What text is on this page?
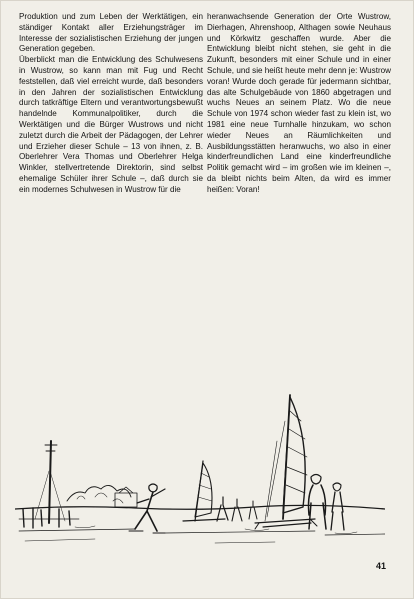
Produktion und zum Leben der Werktätigen, ein ständiger Kontakt aller Erziehungsträger im Interesse der sozialistischen Erziehung der jungen Generation gegeben.

Überblickt man die Entwicklung des Schulwesens in Wustrow, so kann man mit Fug und Recht feststellen, daß viel erreicht wurde, daß besonders in den Jahren der sozialistischen Entwicklung durch tatkräftige Eltern und verantwortungsbewußt handelnde Kommunalpolitiker, durch die Werktätigen und die Bürger Wustrows und nicht zuletzt durch die Arbeit der Pädagogen, der Lehrer und Erzieher dieser Schule – 13 von ihnen, z. B. Oberlehrer Vera Thomas und Oberlehrer Helga Winkler, stellvertretende Direktorin, sind selbst ehemalige Schüler ihrer Schule –, daß durch sie ein modernes Schulwesen in Wustrow für die

heranwachsende Generation der Orte Wustrow, Dierhagen, Ahrenshoop, Althagen sowie Neuhaus und Körkwitz geschaffen wurde. Aber die Entwicklung bleibt nicht stehen, sie geht in die Zukunft, besonders mit einer Schule und in einer Schule, und sie heißt heute mehr denn je: Wustrow voran! Wurde doch gerade für jedermann sichtbar, das alte Schulgebäude von 1860 abgetragen und wuchs Neues an seinem Platz. Wo die neue Schule von 1974 schon wieder fast zu klein ist, wo 1981 eine neue Turnhalle hinzukam, wo schon wieder Neues an Räumlichkeiten und Ausbildungsstätten heranwuchs, wo also in einer kinderfreundlichen Land eine kinderfreundliche Politik gemacht wird – im großen wie im kleinen –, da bleibt nichts beim Alten, da wird es immer heißen: Voran!

41
